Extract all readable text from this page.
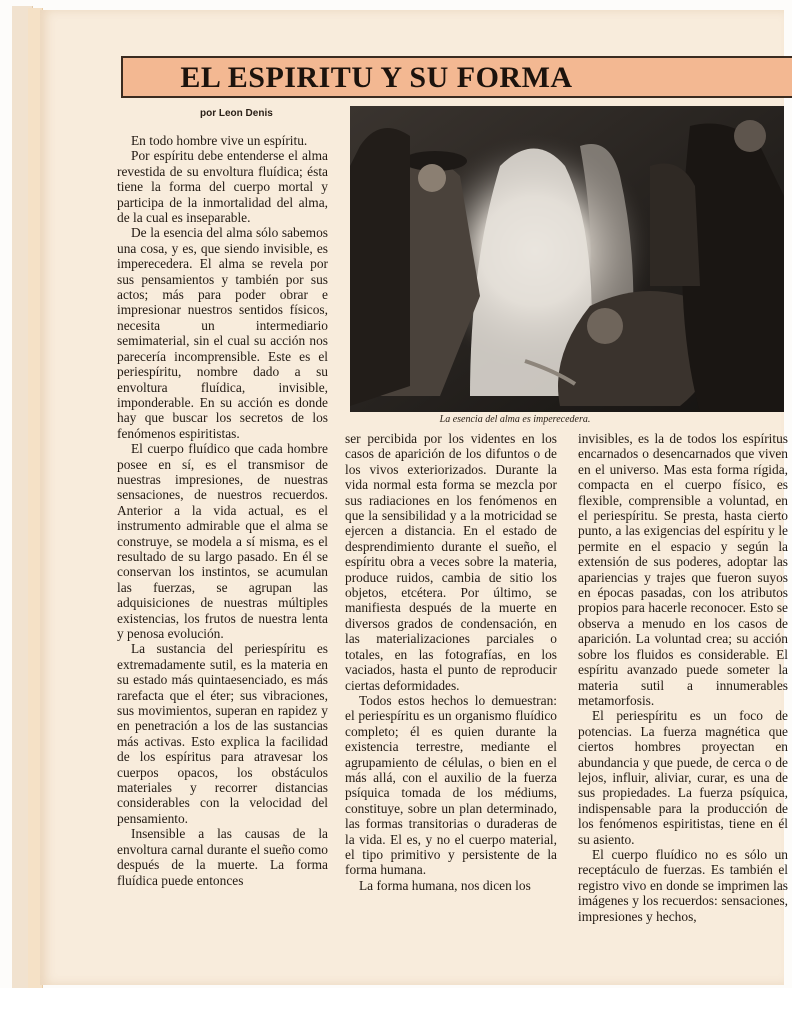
EL ESPIRITU Y SU FORMA
por Leon Denis
La esencia del alma es imperecedera.

En todo hombre vive un espíritu.

Por espíritu debe entenderse el alma revestida de su envoltura fluídica; ésta tiene la forma del cuerpo mortal y participa de la inmortalidad del alma, de la cual es inseparable.

De la esencia del alma sólo sabemos una cosa, y es, que siendo invisible, es imperecedera. El alma se revela por sus pensamientos y también por sus actos; más para poder obrar e impresionar nuestros sentidos físicos, necesita un intermediario semimaterial, sin el cual su acción nos parecería incomprensible. Este es el periespíritu, nombre dado a su envoltura fluídica, invisible, imponderable. En su acción es donde hay que buscar los secretos de los fenómenos espiritistas.

El cuerpo fluídico que cada hombre posee en sí, es el transmisor de nuestras impresiones, de nuestras sensaciones, de nuestros recuerdos. Anterior a la vida actual, es el instrumento admirable que el alma se construye, se modela a sí misma, es el resultado de su largo pasado. En él se conservan los instintos, se acumulan las fuerzas, se agrupan las adquisiciones de nuestras múltiples existencias, los frutos de nuestra lenta y penosa evolución.

La sustancia del periespíritu es extremadamente sutil, es la materia en su estado más quintaesenciado, es más rarefacta que el éter; sus vibraciones, sus movimientos, superan en rapidez y en penetración a los de las sustancias más activas. Esto explica la facilidad de los espíritus para atravesar los cuerpos opacos, los obstáculos materiales y recorrer distancias considerables con la velocidad del pensamiento.

Insensible a las causas de la envoltura carnal durante el sueño como después de la muerte. La forma fluídica puede entonces

ser percibida por los videntes en los casos de aparición de los difuntos o de los vivos exteriorizados. Durante la vida normal esta forma se mezcla por sus radiaciones en los fenómenos en que la sensibilidad y a la motricidad se ejercen a distancia. En el estado de desprendimiento durante el sueño, el espíritu obra a veces sobre la materia, produce ruidos, cambia de sitio los objetos, etcétera. Por último, se manifiesta después de la muerte en diversos grados de condensación, en las materializaciones parciales o totales, en las fotografías, en los vaciados, hasta el punto de reproducir ciertas deformidades.

Todos estos hechos lo demuestran: el periespíritu es un organismo fluídico completo; él es quien durante la existencia terrestre, mediante el agrupamiento de células, o bien en el más allá, con el auxilio de la fuerza psíquica tomada de los médiums, constituye, sobre un plan determinado, las formas transitorias o duraderas de la vida. El es, y no el cuerpo material, el tipo primitivo y persistente de la forma humana.

La forma humana, nos dicen los

invisibles, es la de todos los espíritus encarnados o desencarnados que viven en el universo. Mas esta forma rígida, compacta en el cuerpo físico, es flexible, comprensible a voluntad, en el periespíritu. Se presta, hasta cierto punto, a las exigencias del espíritu y le permite en el espacio y según la extensión de sus poderes, adoptar las apariencias y trajes que fueron suyos en épocas pasadas, con los atributos propios para hacerle reconocer. Esto se observa a menudo en los casos de aparición. La voluntad crea; su acción sobre los fluidos es considerable. El espíritu avanzado puede someter la materia sutil a innumerables metamorfosis.

El periespíritu es un foco de potencias. La fuerza magnética que ciertos hombres proyectan en abundancia y que puede, de cerca o de lejos, influir, aliviar, curar, es una de sus propiedades. La fuerza psíquica, indispensable para la producción de los fenómenos espiritistas, tiene en él su asiento.

El cuerpo fluídico no es sólo un receptáculo de fuerzas. Es también el registro vivo en donde se imprimen las imágenes y los recuerdos: sensaciones, impresiones y hechos,
